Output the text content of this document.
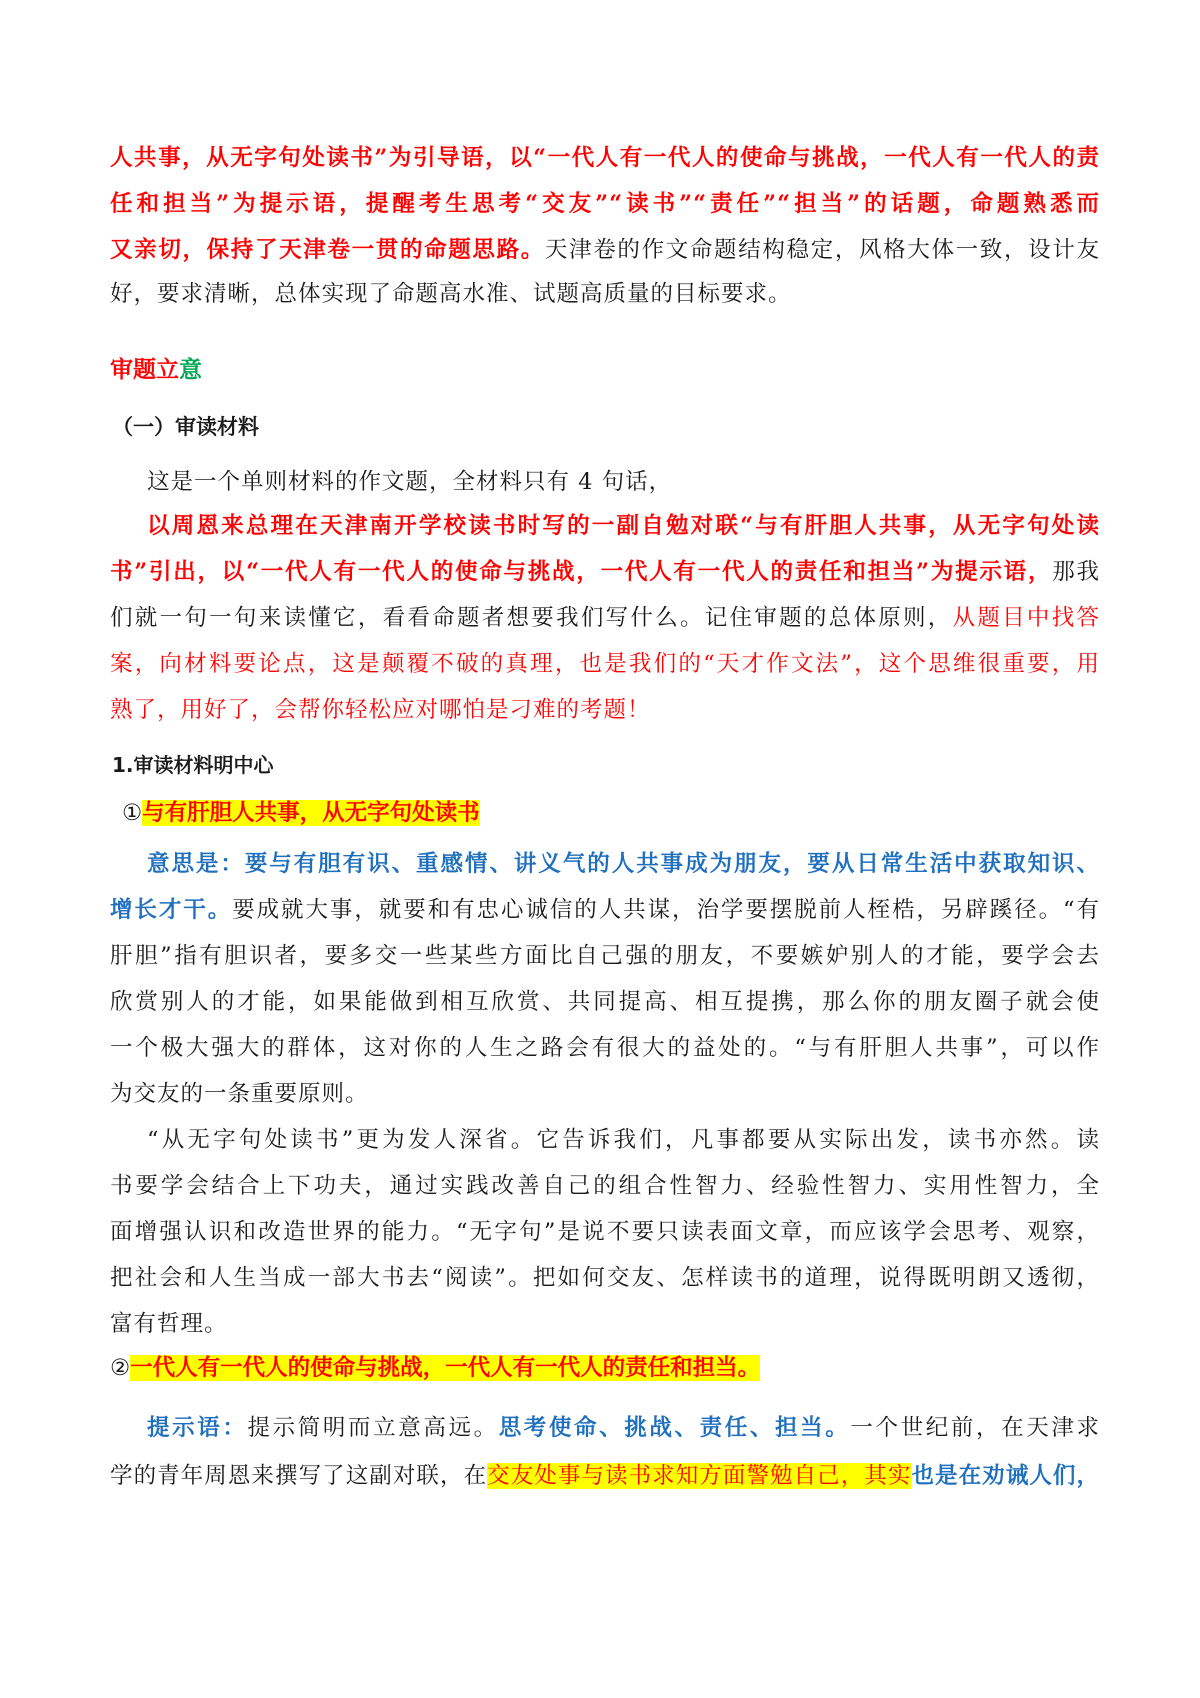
人共事，从无字句处读书”为引导语，以“一代人有一代人的使命与挑战，一代人有一代人的责

任和担当”为提示语，提醒考生思考“交友”“读书”“责任”“担当”的话题，命题熟悉而

又亲切，保持了天津卷一贯的命题思路。天津卷的作文命题结构稳定，风格大体一致，设计友

好，要求清晰，总体实现了命题高水准、试题高质量的目标要求。

审题立意
（一）审读材料

这是一个单则材料的作文题，全材料只有 4 句话，

以周恩来总理在天津南开学校读书时写的一副自勉对联“与有肝胆人共事，从无字句处读

书”引出，以“一代人有一代人的使命与挑战，一代人有一代人的责任和担当”为提示语，那我

们就一句一句来读懂它，看看命题者想要我们写什么。记住审题的总体原则，从题目中找答

案，向材料要论点，这是颠覆不破的真理，也是我们的“天才作文法”，这个思维很重要，用

熟了，用好了，会帮你轻松应对哪怕是刁难的考题！

1.审读材料明中心

①与有肝胆人共事，从无字句处读书

意思是：要与有胆有识、重感情、讲义气的人共事成为朋友，要从日常生活中获取知识、

增长才干。要成就大事，就要和有忠心诚信的人共谋，治学要摆脱前人桎梏，另辟蹊径。“有

肝胆”指有胆识者，要多交一些某些方面比自己强的朋友，不要嫉妒别人的才能，要学会去

欣赏别人的才能，如果能做到相互欣赏、共同提高、相互提携，那么你的朋友圈子就会使

一个极大强大的群体，这对你的人生之路会有很大的益处的。“与有肝胆人共事”，可以作

为交友的一条重要原则。

“从无字句处读书”更为发人深省。它告诉我们，凡事都要从实际出发，读书亦然。读

书要学会结合上下功夫，通过实践改善自己的组合性智力、经验性智力、实用性智力，全

面增强认识和改造世界的能力。“无字句”是说不要只读表面文章，而应该学会思考、观察，

把社会和人生当成一部大书去“阅读”。把如何交友、怎样读书的道理，说得既明朗又透彻，

富有哲理。

②一代人有一代人的使命与挑战，一代人有一代人的责任和担当。

提示语：提示简明而立意高远。思考使命、挑战、责任、担当。一个世纪前，在天津求

学的青年周恩来撰写了这副对联，在交友处事与读书求知方面警勉自己，其实也是在劝诫人们，
